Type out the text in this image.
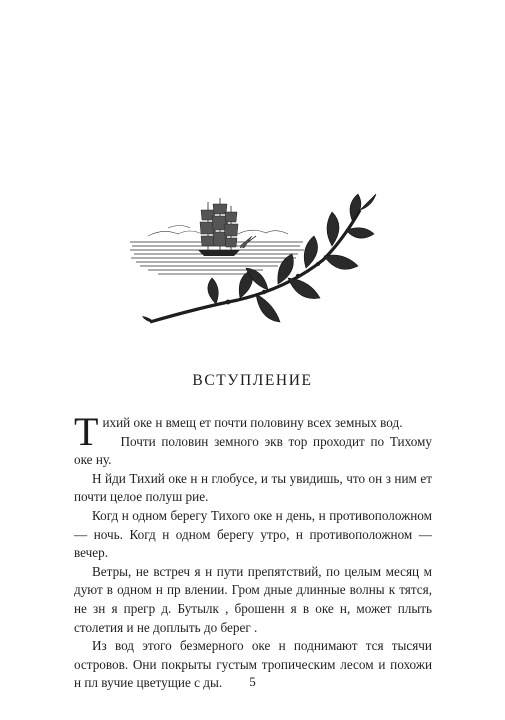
ВСТУПЛЕНИЕ

Тихий оке н вмещ ет почти половину всех земных вод.

Почти половин земного экв тор проходит по Тихому оке ну.

Н йди Тихий оке н н глобусе, и ты увидишь, что он з ним ет почти целое полуш рие.

Когд н одном берегу Тихого оке н день, н противоположном — ночь. Когд н одном берегу утро, н противоположном — вечер.

Ветры, не встреч я н пути препятствий, по целым месяц м дуют в одном н пр влении. Гром дные длинные волны к тятся, не зн я прегр д. Бутылк , брошенн я в оке н, может плыть столетия и не доплыть до берег .

Из вод этого безмерного оке н поднимают тся тысячи островов. Они покрыты густым тропическим лесом и похожи н пл вучие цветущие с ды.	5
